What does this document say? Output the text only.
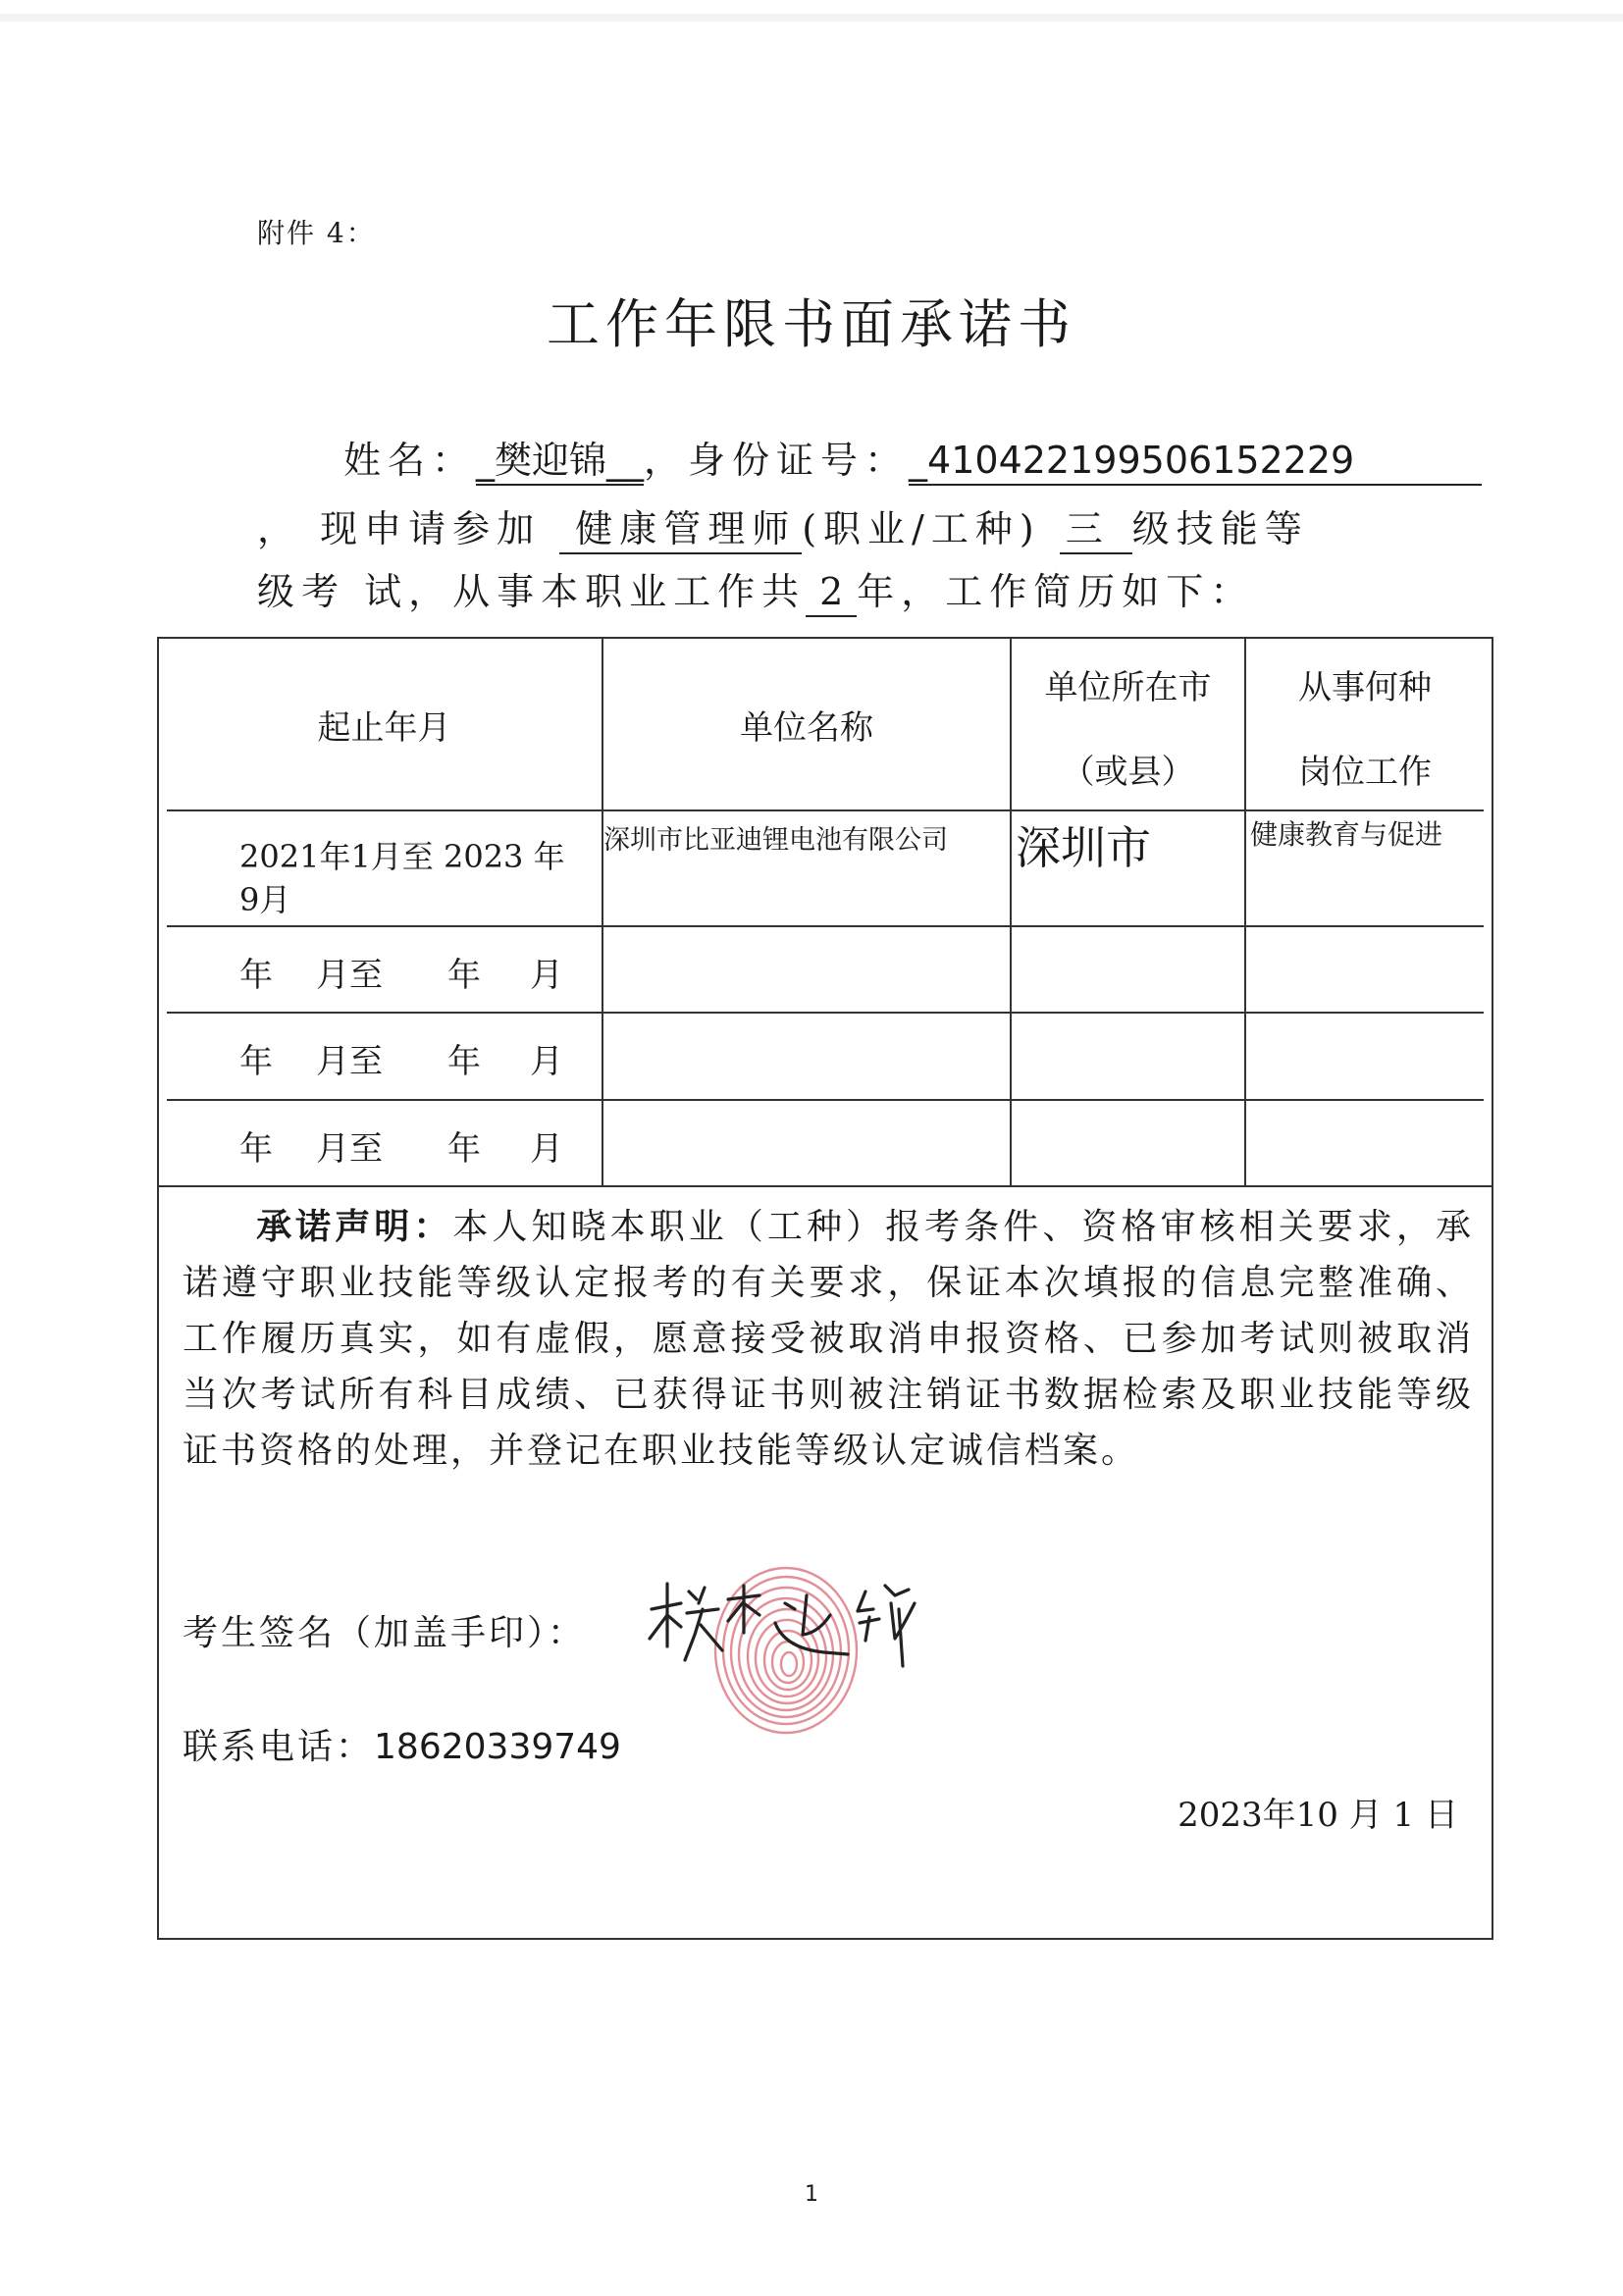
附件 4：
工作年限书面承诺书
姓名：_樊迎锦__，身份证号：_410422199506152229
， 现申请参加 健康管理师 (职业/工种) 三 级技能等
级考 试，从事本职业工作共 2 年，工作简历如下：
起止年月	单位名称
单位所在市
（或县）
从事何种
岗位工作
2021年1月至 2023 年
9月
深圳市比亚迪锂电池有限公司 深圳市	健康教育与促进
年 月至 年 月
年 月至 年 月
年 月至 年 月
承诺声明：本人知晓本职业（工种）报考条件、资格审核相关要求，承诺遵守职业技能等级认定报考的有关要求，保证本次填报的信息完整准确、工作履历真实，如有虚假，愿意接受被取消申报资格、已参加考试则被取消当次考试所有科目成绩、已获得证书则被注销证书数据检索及职业技能等级证书资格的处理，并登记在职业技能等级认定诚信档案。
考生签名（加盖手印）：
联系电话：18620339749
2023年10 月 1 日
1
